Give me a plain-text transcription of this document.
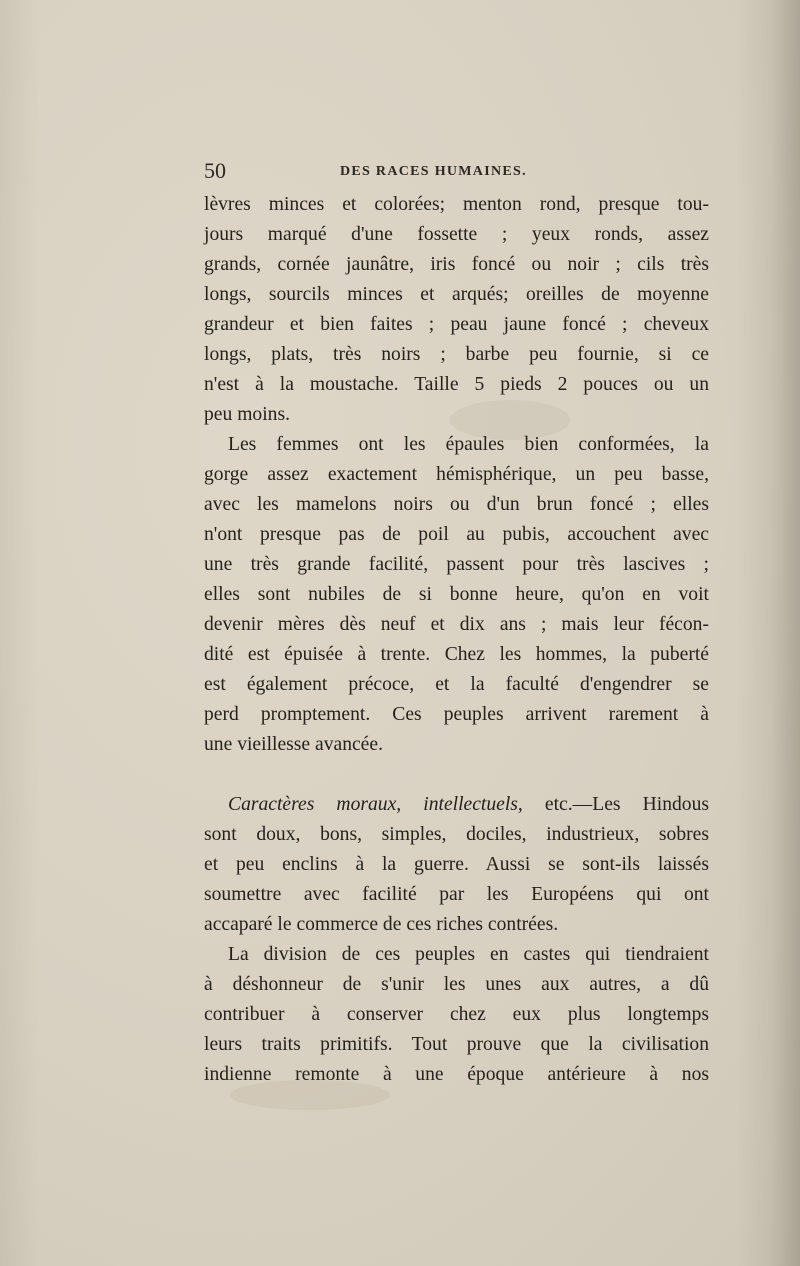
50	DES RACES HUMAINES.
lèvres minces et colorées; menton rond, presque tou-
jours marqué d'une fossette ; yeux ronds, assez
grands, cornée jaunâtre, iris foncé ou noir ; cils très
longs, sourcils minces et arqués; oreilles de moyenne
grandeur et bien faites ; peau jaune foncé ; cheveux
longs, plats, très noirs ; barbe peu fournie, si ce
n'est à la moustache. Taille 5 pieds 2 pouces ou un
peu moins.
Les femmes ont les épaules bien conformées, la
gorge assez exactement hémisphérique, un peu basse,
avec les mamelons noirs ou d'un brun foncé ; elles
n'ont presque pas de poil au pubis, accouchent avec
une très grande facilité, passent pour très lascives ;
elles sont nubiles de si bonne heure, qu'on en voit
devenir mères dès neuf et dix ans ; mais leur fécon-
dité est épuisée à trente. Chez les hommes, la puberté
est également précoce, et la faculté d'engendrer se
perd promptement. Ces peuples arrivent rarement à
une vieillesse avancée.
Caractères moraux, intellectuels, etc.—Les Hindous
sont doux, bons, simples, dociles, industrieux, sobres
et peu enclins à la guerre. Aussi se sont-ils laissés
soumettre avec facilité par les Européens qui ont
accaparé le commerce de ces riches contrées.
La division de ces peuples en castes qui tiendraient
à déshonneur de s'unir les unes aux autres, a dû
contribuer à conserver chez eux plus longtemps
leurs traits primitifs. Tout prouve que la civilisation
indienne remonte à une époque antérieure à nos
